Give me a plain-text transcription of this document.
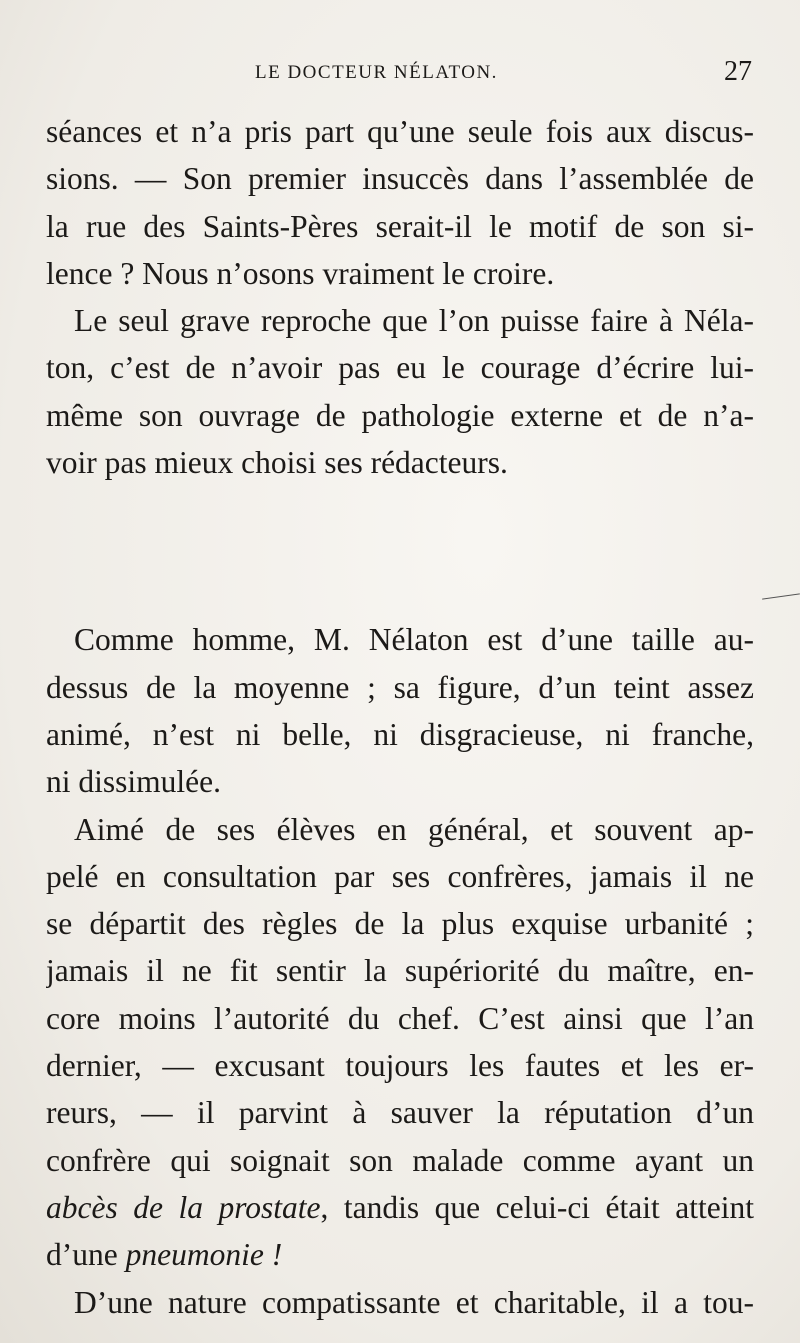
LE DOCTEUR NÉLATON.	27
séances et n’a pris part qu’une seule fois aux discus-
sions. — Son premier insuccès dans l’assemblée de
la rue des Saints-Pères serait-il le motif de son si-
lence ? Nous n’osons vraiment le croire.
Le seul grave reproche que l’on puisse faire à Néla-
ton, c’est de n’avoir pas eu le courage d’écrire lui-
même son ouvrage de pathologie externe et de n’a-
voir pas mieux choisi ses rédacteurs.
Comme homme, M. Nélaton est d’une taille au-
dessus de la moyenne ; sa figure, d’un teint assez
animé, n’est ni belle, ni disgracieuse, ni franche,
ni dissimulée.
Aimé de ses élèves en général, et souvent ap-
pelé en consultation par ses confrères, jamais il ne
se départit des règles de la plus exquise urbanité ;
jamais il ne fit sentir la supériorité du maître, en-
core moins l’autorité du chef. C’est ainsi que l’an
dernier, — excusant toujours les fautes et les er-
reurs, — il parvint à sauver la réputation d’un
confrère qui soignait son malade comme ayant un
abcès de la prostate, tandis que celui-ci était atteint
d’une pneumonie !
D’une nature compatissante et charitable, il a tou-
